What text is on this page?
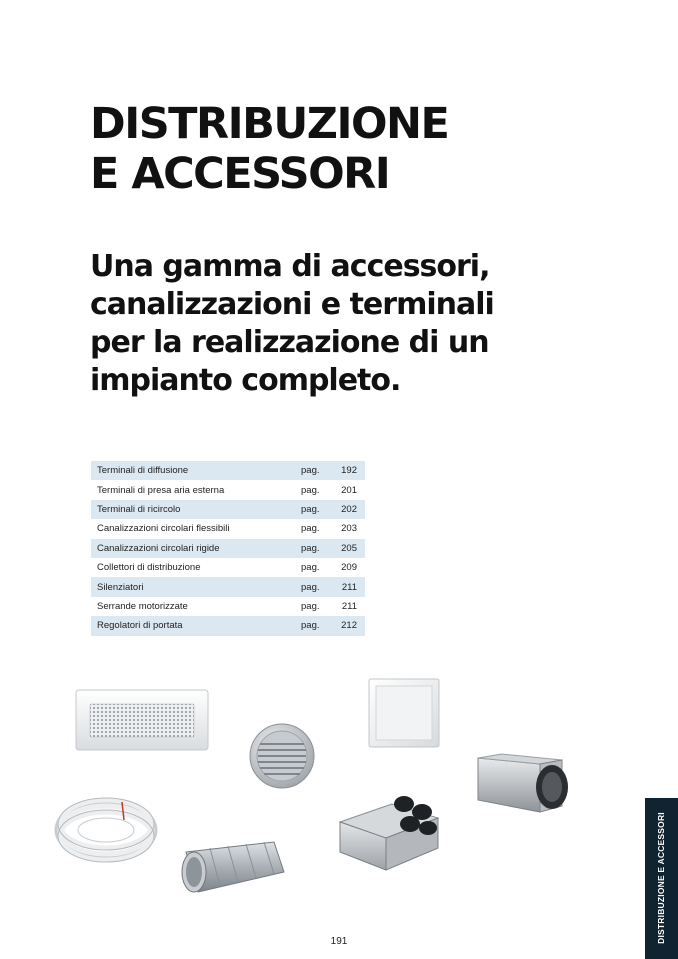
DISTRIBUZIONE
E ACCESSORI
Una gamma di accessori,
canalizzazioni e terminali
per la realizzazione di un
impianto completo.
Terminali di diffusione	pag.	192
Terminali di presa aria esterna	pag.	201
Terminali di ricircolo	pag.	202
Canalizzazioni circolari flessibili	pag.	203
Canalizzazioni circolari rigide	pag.	205
Collettori di distribuzione	pag.	209
Silenziatori	pag.	211
Serrande motorizzate	pag.	211
Regolatori di portata	pag.	212
191	DISTRIBUZIONE E ACCESSORI
